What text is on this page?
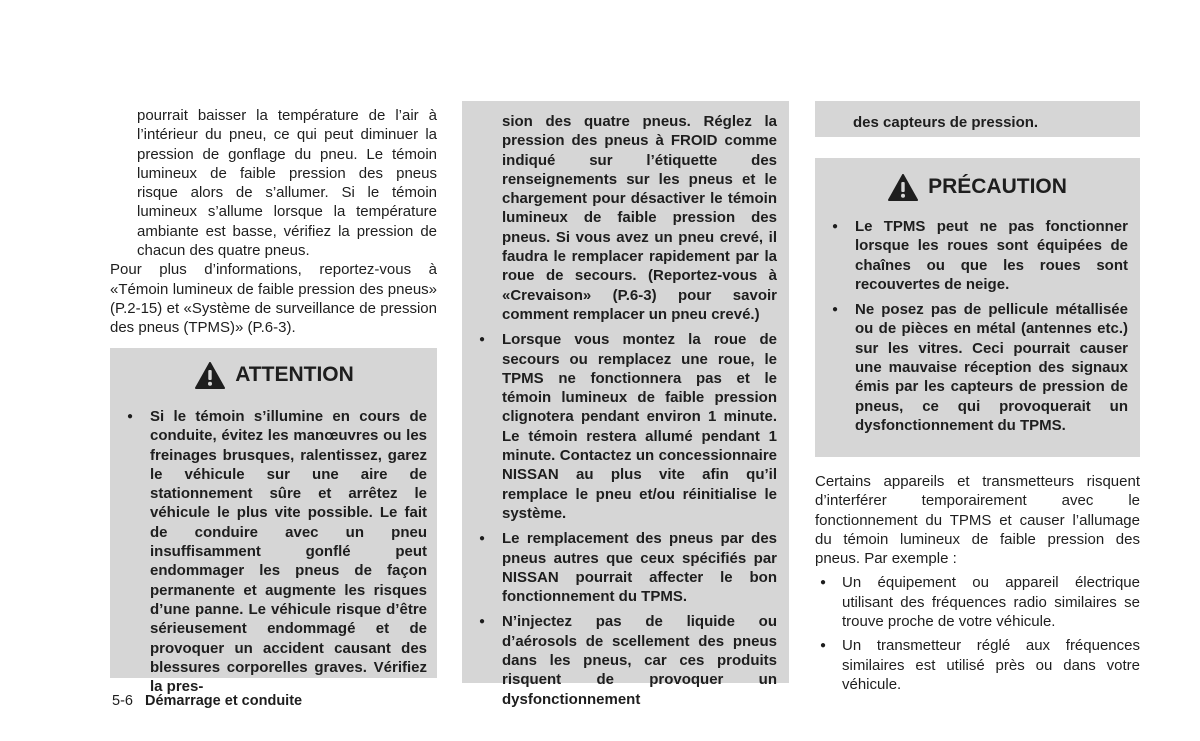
pourrait baisser la température de l’air à l’intérieur du pneu, ce qui peut diminuer la pression de gonflage du pneu. Le témoin lumineux de faible pression des pneus risque alors de s’allumer. Si le témoin lumineux s’allume lorsque la température ambiante est basse, vérifiez la pression de chacun des quatre pneus.

Pour plus d’informations, reportez-vous à «Témoin lumineux de faible pression des pneus» (P.2-15) et «Système de surveillance de pression des pneus (TPMS)» (P.6-3).

ATTENTION

● Si le témoin s’illumine en cours de conduite, évitez les manœuvres ou les freinages brusques, ralentissez, garez le véhicule sur une aire de stationnement sûre et arrêtez le véhicule le plus vite possible. Le fait de conduire avec un pneu insuffisamment gonflé peut endommager les pneus de façon permanente et augmente les risques d’une panne. Le véhicule risque d’être sérieusement endommagé et de provoquer un accident causant des blessures corporelles graves. Vérifiez la pres-

sion des quatre pneus. Réglez la pression des pneus à FROID comme indiqué sur l’étiquette des renseignements sur les pneus et le chargement pour désactiver le témoin lumineux de faible pression des pneus. Si vous avez un pneu crevé, il faudra le remplacer rapidement par la roue de secours. (Reportez-vous à «Crevaison» (P.6-3) pour savoir comment remplacer un pneu crevé.)

● Lorsque vous montez la roue de secours ou remplacez une roue, le TPMS ne fonctionnera pas et le témoin lumineux de faible pression clignotera pendant environ 1 minute. Le témoin restera allumé pendant 1 minute. Contactez un concessionnaire NISSAN au plus vite afin qu’il remplace le pneu et/ou réinitialise le système.

● Le remplacement des pneus par des pneus autres que ceux spécifiés par NISSAN pourrait affecter le bon fonctionnement du TPMS.

● N’injectez pas de liquide ou d’aérosols de scellement des pneus dans les pneus, car ces produits risquent de provoquer un dysfonctionnement

des capteurs de pression.

PRÉCAUTION

● Le TPMS peut ne pas fonctionner lorsque les roues sont équipées de chaînes ou que les roues sont recouvertes de neige.

● Ne posez pas de pellicule métallisée ou de pièces en métal (antennes etc.) sur les vitres. Ceci pourrait causer une mauvaise réception des signaux émis par les capteurs de pression de pneus, ce qui provoquerait un dysfonctionnement du TPMS.

Certains appareils et transmetteurs risquent d’interférer temporairement avec le fonctionnement du TPMS et causer l’allumage du témoin lumineux de faible pression des pneus. Par exemple :

● Un équipement ou appareil électrique utilisant des fréquences radio similaires se trouve proche de votre véhicule.

● Un transmetteur réglé aux fréquences similaires est utilisé près ou dans votre véhicule.

5-6 Démarrage et conduite
